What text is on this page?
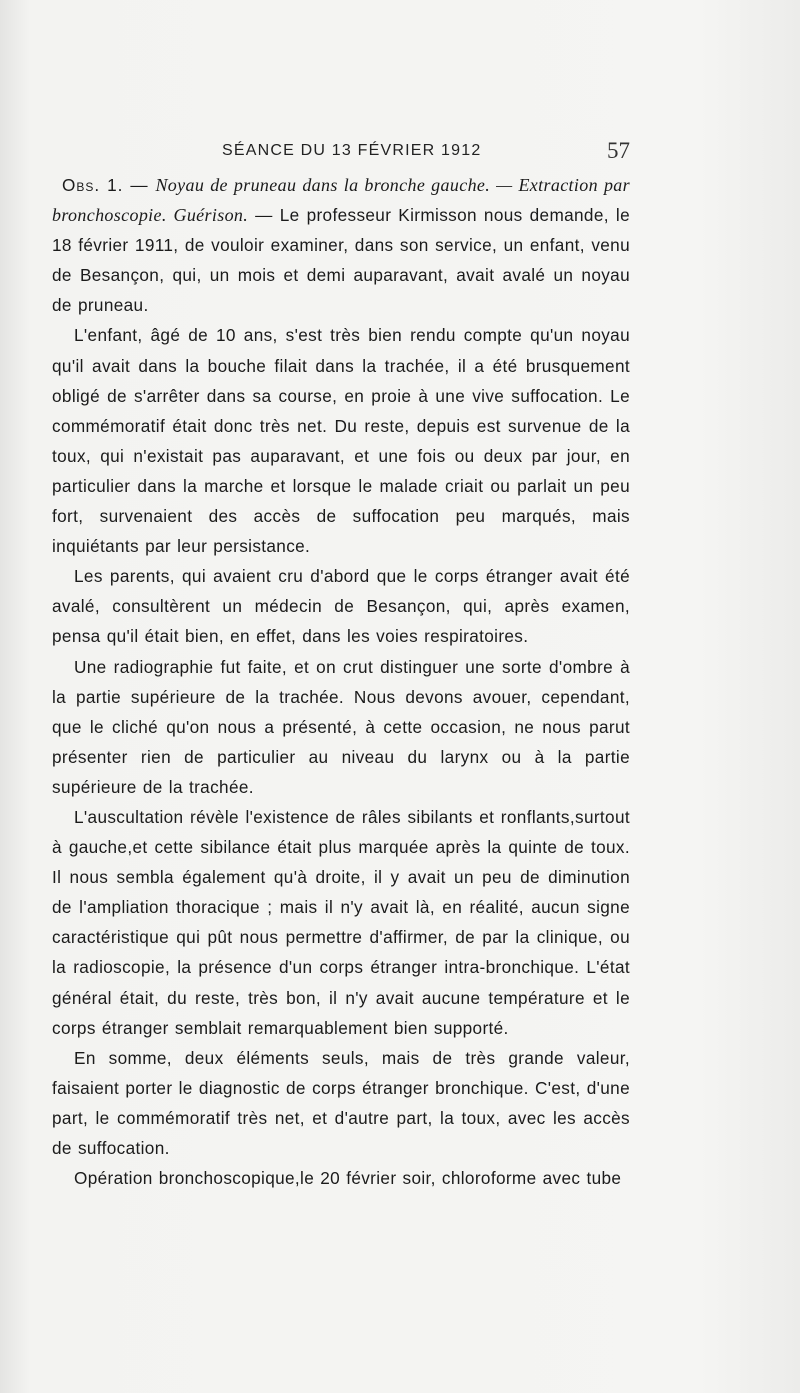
SÉANCE DU 13 FÉVRIER 1912	57

Obs. 1. — Noyau de pruneau dans la bronche gauche. — Extraction par bronchoscopie. Guérison. — Le professeur Kirmisson nous demande, le 18 février 1911, de vouloir examiner, dans son service, un enfant, venu de Besançon, qui, un mois et demi auparavant, avait avalé un noyau de pruneau.

L'enfant, âgé de 10 ans, s'est très bien rendu compte qu'un noyau qu'il avait dans la bouche filait dans la trachée, il a été brusquement obligé de s'arrêter dans sa course, en proie à une vive suffocation. Le commémoratif était donc très net. Du reste, depuis est survenue de la toux, qui n'existait pas auparavant, et une fois ou deux par jour, en particulier dans la marche et lorsque le malade criait ou parlait un peu fort, survenaient des accès de suffocation peu marqués, mais inquiétants par leur persistance.

Les parents, qui avaient cru d'abord que le corps étranger avait été avalé, consultèrent un médecin de Besançon, qui, après examen, pensa qu'il était bien, en effet, dans les voies respiratoires.

Une radiographie fut faite, et on crut distinguer une sorte d'ombre à la partie supérieure de la trachée. Nous devons avouer, cependant, que le cliché qu'on nous a présenté, à cette occasion, ne nous parut présenter rien de particulier au niveau du larynx ou à la partie supérieure de la trachée.

L'auscultation révèle l'existence de râles sibilants et ronflants,surtout à gauche,et cette sibilance était plus marquée après la quinte de toux. Il nous sembla également qu'à droite, il y avait un peu de diminution de l'ampliation thoracique ; mais il n'y avait là, en réalité, aucun signe caractéristique qui pût nous permettre d'affirmer, de par la clinique, ou la radioscopie, la présence d'un corps étranger intra-bronchique. L'état général était, du reste, très bon, il n'y avait aucune température et le corps étranger semblait remarquablement bien supporté.

En somme, deux éléments seuls, mais de très grande valeur, faisaient porter le diagnostic de corps étranger bronchique. C'est, d'une part, le commémoratif très net, et d'autre part, la toux, avec les accès de suffocation.

Opération bronchoscopique,le 20 février soir, chloroforme avec tube
